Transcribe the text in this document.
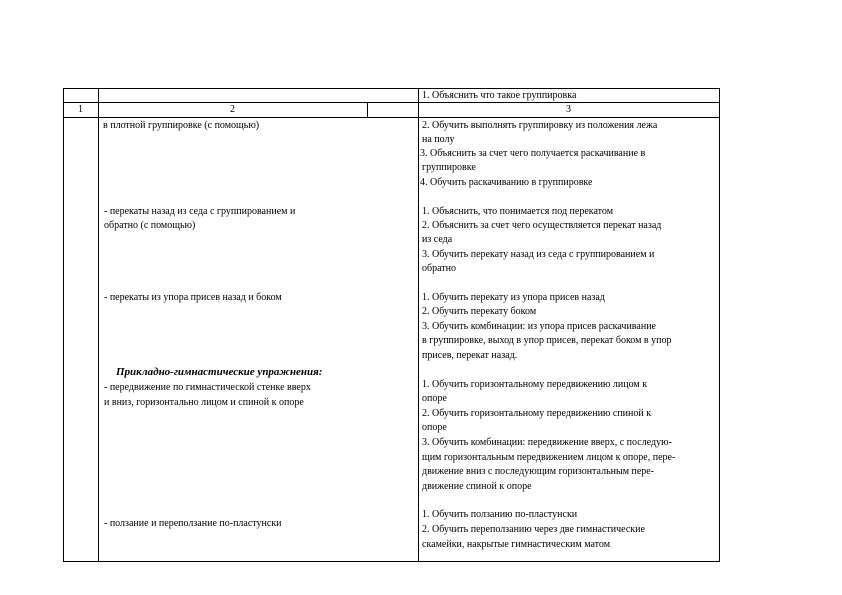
1. Объяснить что такое группировка
1	2	3
в плотной группировке (с помощью)
- перекаты назад из седа с группированием и
обратно (с помощью)
- перекаты из упора присев назад и боком
Прикладно-гимнастические упражнения:
- передвижение по гимнастической стенке вверх
и вниз, горизонтально лицом и спиной к опоре
- ползание и переползание по-пластунски
2. Обучить выполнять группировку из положения лежа
на полу
3. Объяснить за счет чего получается раскачивание в
группировке
4. Обучить раскачиванию в группировке
1. Объяснить, что понимается под перекатом
2. Объяснить за счет чего осуществляется перекат назад
из седа
3. Обучить перекату назад из седа с группированием и
обратно
1. Обучить перекату из упора присев назад
2. Обучить перекату боком
3. Обучить комбинации: из упора присев раскачивание
в группировке, выход в упор присев, перекат боком в упор
присев, перекат назад.
1. Обучить горизонтальному передвижению лицом к
опоре
2. Обучить горизонтальному передвижению спиной к
опоре
3. Обучить комбинации: передвижение вверх, с последую-
щим горизонтальным передвижением лицом к опоре, пере-
движение вниз с последующим горизонтальным пере-
движение спиной к опоре
1. Обучить ползанию по-пластунски
2. Обучить переползанию через две гимнастические
скамейки, накрытые гимнастическим матом
